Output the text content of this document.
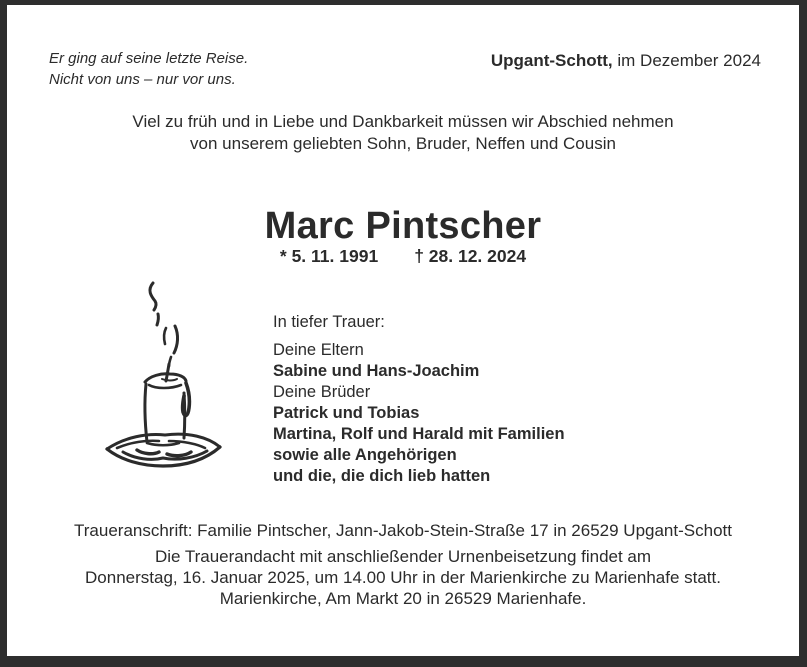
Er ging auf seine letzte Reise.
Nicht von uns – nur vor uns.
Upgant-Schott, im Dezember 2024
Viel zu früh und in Liebe und Dankbarkeit müssen wir Abschied nehmen
von unserem geliebten Sohn, Bruder, Neffen und Cousin
Marc Pintscher
* 5. 11. 1991 † 28. 12. 2024
In tiefer Trauer:
Deine Eltern
Sabine und Hans-Joachim
Deine Brüder
Patrick und Tobias
Martina, Rolf und Harald mit Familien
sowie alle Angehörigen
und die, die dich lieb hatten
Traueranschrift: Familie Pintscher, Jann-Jakob-Stein-Straße 17 in 26529 Upgant-Schott
Die Trauerandacht mit anschließender Urnenbeisetzung findet am
Donnerstag, 16. Januar 2025, um 14.00 Uhr in der Marienkirche zu Marienhafe statt.
Marienkirche, Am Markt 20 in 26529 Marienhafe.
